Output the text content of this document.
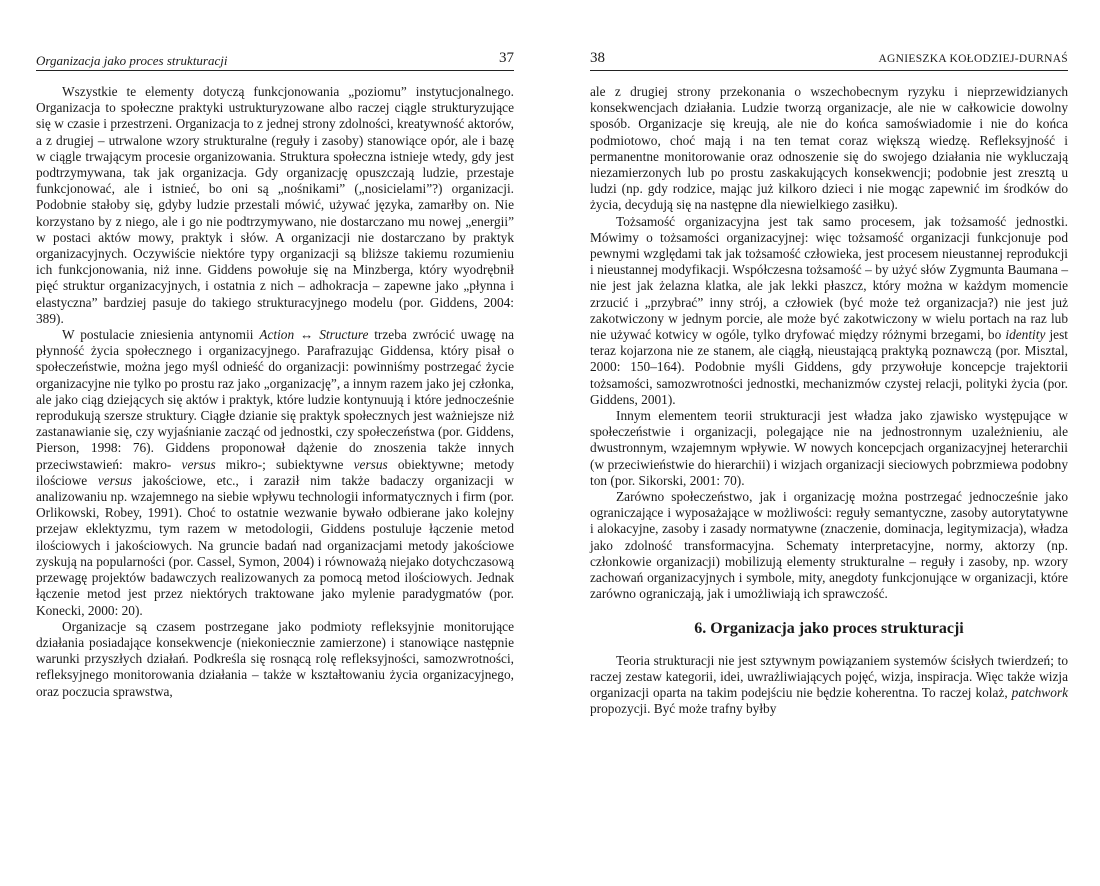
Organizacja jako proces strukturacji	37

Wszystkie te elementy dotyczą funkcjonowania „poziomu” instytucjonalnego. Organizacja to społeczne praktyki ustrukturyzowane albo raczej ciągle strukturyzujące się w czasie i przestrzeni. Organizacja to z jednej strony zdolności, kreatywność aktorów, a z drugiej – utrwalone wzory strukturalne (reguły i zasoby) stanowiące opór, ale i bazę w ciągle trwającym procesie organizowania. Struktura społeczna istnieje wtedy, gdy jest podtrzymywana, tak jak organizacja. Gdy organizację opuszczają ludzie, przestaje funkcjonować, ale i istnieć, bo oni są „nośnikami” („nosicielami”?) organizacji. Podobnie stałoby się, gdyby ludzie przestali mówić, używać języka, zamarłby on. Nie korzystano by z niego, ale i go nie podtrzymywano, nie dostarczano mu nowej „energii” w postaci aktów mowy, praktyk i słów. A organizacji nie dostarczano by praktyk organizacyjnych. Oczywiście niektóre typy organizacji są bliższe takiemu rozumieniu ich funkcjonowania, niż inne. Giddens powołuje się na Minzberga, który wyodrębnił pięć struktur organizacyjnych, i ostatnia z nich – adhokracja – zapewne jako „płynna i elastyczna” bardziej pasuje do takiego strukturacyjnego modelu (por. Giddens, 2004: 389).

W postulacie zniesienia antynomii Action ↔ Structure trzeba zwrócić uwagę na płynność życia społecznego i organizacyjnego. Parafrazując Giddensa, który pisał o społeczeństwie, można jego myśl odnieść do organizacji: powinniśmy postrzegać życie organizacyjne nie tylko po prostu raz jako „organizację”, a innym razem jako jej członka, ale jako ciąg dziejących się aktów i praktyk, które ludzie kontynuują i które jednocześnie reprodukują szersze struktury. Ciągłe dzianie się praktyk społecznych jest ważniejsze niż zastanawianie się, czy wyjaśnianie zacząć od jednostki, czy społeczeństwa (por. Giddens, Pierson, 1998: 76). Giddens proponował dążenie do znoszenia także innych przeciwstawień: makro- versus mikro-; subiektywne versus obiektywne; metody ilościowe versus jakościowe, etc., i zaraził nim także badaczy organizacji w analizowaniu np. wzajemnego na siebie wpływu technologii informatycznych i firm (por. Orlikowski, Robey, 1991). Choć to ostatnie wezwanie bywało odbierane jako kolejny przejaw eklektyzmu, tym razem w metodologii, Giddens postuluje łączenie metod ilościowych i jakościowych. Na gruncie badań nad organizacjami metody jakościowe zyskują na popularności (por. Cassel, Symon, 2004) i równoważą niejako dotychczasową przewagę projektów badawczych realizowanych za pomocą metod ilościowych. Jednak łączenie metod jest przez niektórych traktowane jako mylenie paradygmatów (por. Konecki, 2000: 20).

Organizacje są czasem postrzegane jako podmioty refleksyjnie monitorujące działania posiadające konsekwencje (niekoniecznie zamierzone) i stanowiące następnie warunki przyszłych działań. Podkreśla się rosnącą rolę refleksyjności, samozwrotności, refleksyjnego monitorowania działania – także w kształtowaniu życia organizacyjnego, oraz poczucia sprawstwa,

38	AGNIESZKA KOŁODZIEJ-DURNAŚ

ale z drugiej strony przekonania o wszechobecnym ryzyku i nieprzewidzianych konsekwencjach działania. Ludzie tworzą organizacje, ale nie w całkowicie dowolny sposób. Organizacje się kreują, ale nie do końca samoświadomie i nie do końca podmiotowo, choć mają i na ten temat coraz większą wiedzę. Refleksyjność i permanentne monitorowanie oraz odnoszenie się do swojego działania nie wykluczają niezamierzonych lub po prostu zaskakujących konsekwencji; podobnie jest zresztą u ludzi (np. gdy rodzice, mając już kilkoro dzieci i nie mogąc zapewnić im środków do życia, decydują się na następne dla niewielkiego zasiłku).

Tożsamość organizacyjna jest tak samo procesem, jak tożsamość jednostki. Mówimy o tożsamości organizacyjnej: więc tożsamość organizacji funkcjonuje pod pewnymi względami tak jak tożsamość człowieka, jest procesem nieustannej reprodukcji i nieustannej modyfikacji. Współczesna tożsamość – by użyć słów Zygmunta Baumana – nie jest jak żelazna klatka, ale jak lekki płaszcz, który można w każdym momencie zrzucić i „przybrać” inny strój, a człowiek (być może też organizacja?) nie jest już zakotwiczony w jednym porcie, ale może być zakotwiczony w wielu portach na raz lub nie używać kotwicy w ogóle, tylko dryfować między różnymi brzegami, bo identity jest teraz kojarzona nie ze stanem, ale ciągłą, nieustającą praktyką poznawczą (por. Misztal, 2000: 150–164). Podobnie myśli Giddens, gdy przywołuje koncepcje trajektorii tożsamości, samozwrotności jednostki, mechanizmów czystej relacji, polityki życia (por. Giddens, 2001).

Innym elementem teorii strukturacji jest władza jako zjawisko występujące w społeczeństwie i organizacji, polegające nie na jednostronnym uzależnieniu, ale dwustronnym, wzajemnym wpływie. W nowych koncepcjach organizacyjnej heterarchii (w przeciwieństwie do hierarchii) i wizjach organizacji sieciowych pobrzmiewa podobny ton (por. Sikorski, 2001: 70).

Zarówno społeczeństwo, jak i organizację można postrzegać jednocześnie jako ograniczające i wyposażające w możliwości: reguły semantyczne, zasoby autorytatywne i alokacyjne, zasoby i zasady normatywne (znaczenie, dominacja, legitymizacja), władza jako zdolność transformacyjna. Schematy interpretacyjne, normy, aktorzy (np. członkowie organizacji) mobilizują elementy strukturalne – reguły i zasoby, np. wzory zachowań organizacyjnych i symbole, mity, anegdoty funkcjonujące w organizacji, które zarówno ograniczają, jak i umożliwiają ich sprawczość.

6. Organizacja jako proces strukturacji

Teoria strukturacji nie jest sztywnym powiązaniem systemów ścisłych twierdzeń; to raczej zestaw kategorii, idei, uwrażliwiających pojęć, wizja, inspiracja. Więc także wizja organizacji oparta na takim podejściu nie będzie koherentna. To raczej kolaż, patchwork propozycji. Być może trafny byłby
